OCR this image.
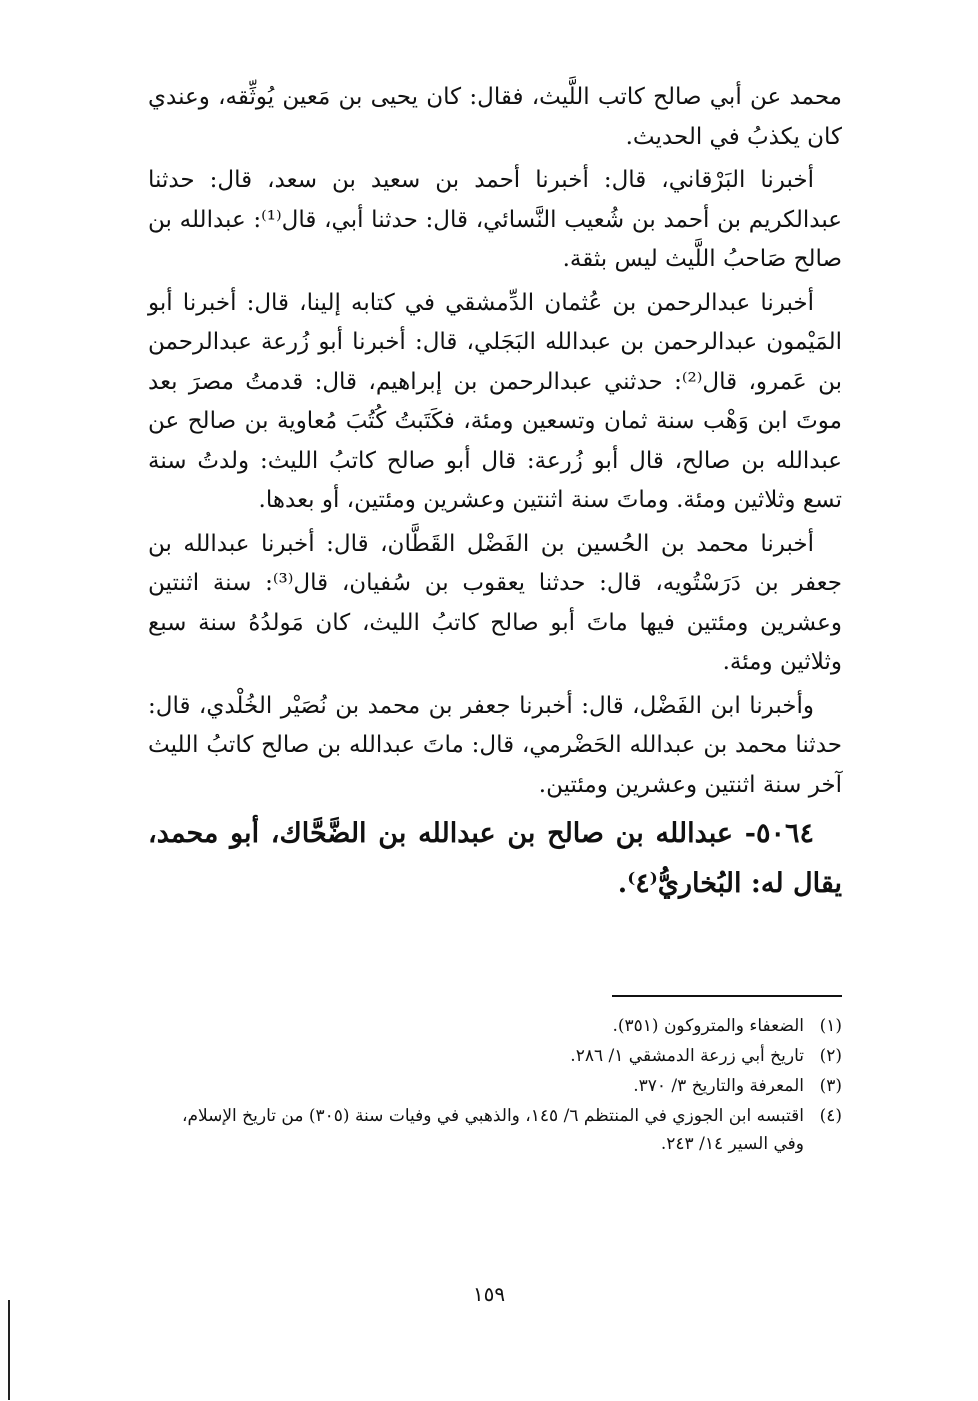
محمد عن أبي صالح كاتب اللَّيث، فقال: كان يحيى بن مَعين يُوثِّقه، وعندي كان يكذبُ في الحديث.

أخبرنا البَرْقاني، قال: أخبرنا أحمد بن سعيد بن سعد، قال: حدثنا عبدالكريم بن أحمد بن شُعيب النَّسائي، قال: حدثنا أبي، قال⁽¹⁾: عبدالله بن صالح صَاحبُ اللَّيث ليس بثقة.

أخبرنا عبدالرحمن بن عُثمان الدِّمشقي في كتابه إلينا، قال: أخبرنا أبو المَيْمون عبدالرحمن بن عبدالله البَجَلي، قال: أخبرنا أبو زُرعة عبدالرحمن بن عَمرو، قال⁽²⁾: حدثني عبدالرحمن بن إبراهيم، قال: قدمتُ مصرَ بعد موتَ ابن وَهْب سنة ثمان وتسعين ومئة، فكَتَبتُ كُتُبَ مُعاوية بن صالح عن عبدالله بن صالح، قال أبو زُرعة: قال أبو صالح كاتبُ الليث: ولدتُ سنة تسع وثلاثين ومئة. وماتَ سنة اثنتين وعشرين ومئتين، أو بعدها.

أخبرنا محمد بن الحُسين بن الفَضْل القَطَّان، قال: أخبرنا عبدالله بن جعفر بن دَرَسْتُويه، قال: حدثنا يعقوب بن سُفيان، قال⁽³⁾: سنة اثنتين وعشرين ومئتين فيها ماتَ أبو صالح كاتبُ الليث، كان مَولدُهُ سنة سبع وثلاثين ومئة.

وأخبرنا ابن الفَضْل، قال: أخبرنا جعفر بن محمد بن نُصَيْر الخُلْدي، قال: حدثنا محمد بن عبدالله الحَضْرمي، قال: ماتَ عبدالله بن صالح كاتبُ الليث آخر سنة اثنتين وعشرين ومئتين.

٥٠٦٤- عبدالله بن صالح بن عبدالله بن الضَّحَّاك، أبو محمد، يقال له: البُخاريُّ⁽٤⁾.

(١)
الضعفاء والمتروكون (٣٥١).
(٢)
تاريخ أبي زرعة الدمشقي ١/ ٢٨٦.
(٣)
المعرفة والتاريخ ٣/ ٣٧٠.
(٤)
اقتبسه ابن الجوزي في المنتظم ٦/ ١٤٥، والذهبي في وفيات سنة (٣٠٥) من تاريخ الإسلام، وفي السير ١٤/ ٢٤٣.
١٥٩
